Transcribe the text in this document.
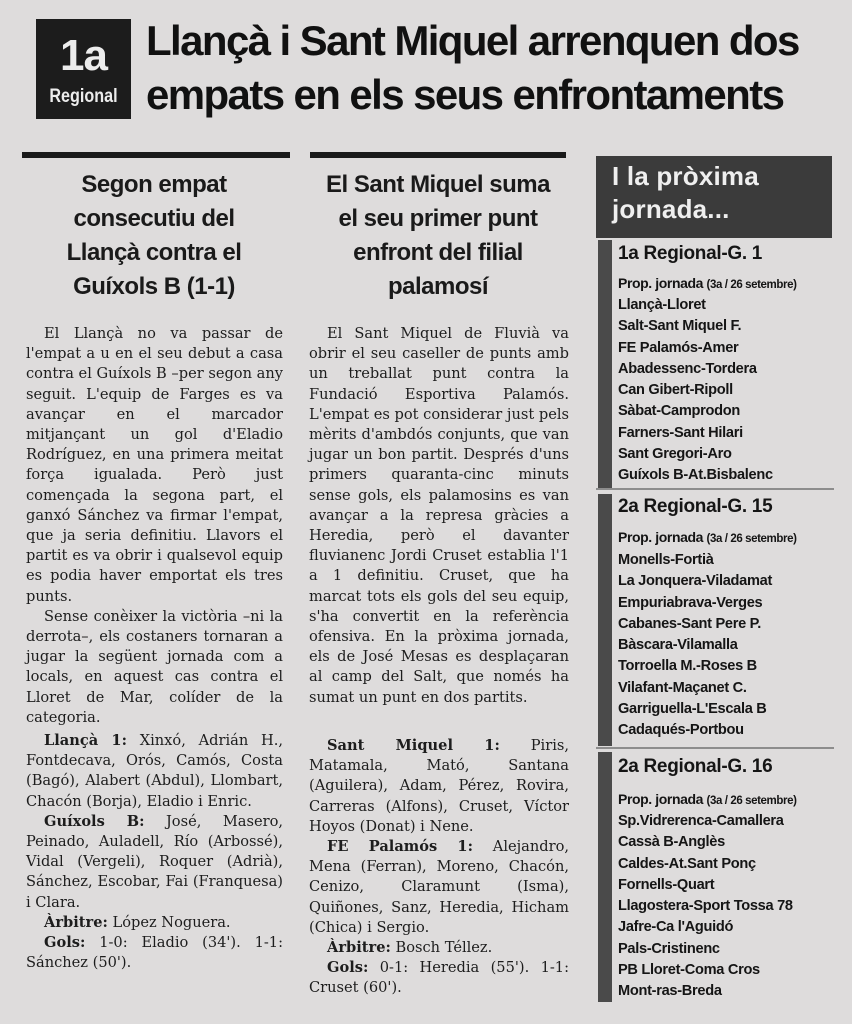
1a
Regional
Llançà i Sant Miquel arrenquen dos empats en els seus enfrontaments
Segon empat consecutiu del Llançà contra el Guíxols B (1-1)

El Llançà no va passar de l'empat a u en el seu debut a casa contra el Guíxols B –per segon any seguit. L'equip de Farges es va avançar en el marcador mitjançant un gol d'Eladio Rodríguez, en una primera meitat força igualada. Però just començada la segona part, el ganxó Sánchez va firmar l'empat, que ja seria definitiu. Llavors el partit es va obrir i qualsevol equip es podia haver emportat els tres punts.

Sense conèixer la victòria –ni la derrota–, els costaners tornaran a jugar la següent jornada com a locals, en aquest cas contra el Lloret de Mar, colíder de la categoria.

Llançà 1: Xinxó, Adrián H., Fontdecava, Orós, Camós, Costa (Bagó), Alabert (Abdul), Llombart, Chacón (Borja), Eladio i Enric.

Guíxols B: José, Masero, Peinado, Auladell, Río (Arbossé), Vidal (Vergeli), Roquer (Adrià), Sánchez, Escobar, Fai (Franquesa) i Clara.

Àrbitre: López Noguera.

Gols: 1-0: Eladio (34'). 1-1: Sánchez (50').

El Sant Miquel suma el seu primer punt enfront del filial palamosí

El Sant Miquel de Fluvià va obrir el seu caseller de punts amb un treballat punt contra la Fundació Esportiva Palamós. L'empat es pot considerar just pels mèrits d'ambdós conjunts, que van jugar un bon partit. Després d'uns primers quaranta-cinc minuts sense gols, els palamosins es van avançar a la represa gràcies a Heredia, però el davanter fluvianenc Jordi Cruset establia l'1 a 1 definitiu. Cruset, que ha marcat tots els gols del seu equip, s'ha convertit en la referència ofensiva. En la pròxima jornada, els de José Mesas es desplaçaran al camp del Salt, que només ha sumat un punt en dos partits.

Sant Miquel 1: Piris, Matamala, Mató, Santana (Aguilera), Adam, Pérez, Rovira, Carreras (Alfons), Cruset, Víctor Hoyos (Donat) i Nene.

FE Palamós 1: Alejandro, Mena (Ferran), Moreno, Chacón, Cenizo, Claramunt (Isma), Quiñones, Sanz, Heredia, Hicham (Chica) i Sergio.

Àrbitre: Bosch Téllez.

Gols: 0-1: Heredia (55'). 1-1: Cruset (60').

I la pròxima jornada...
1a Regional-G. 1
Prop. jornada (3a / 26 setembre)
Llançà-Lloret
Salt-Sant Miquel F.
FE Palamós-Amer
Abadessenc-Tordera
Can Gibert-Ripoll
Sàbat-Camprodon
Farners-Sant Hilari
Sant Gregori-Aro
Guíxols B-At.Bisbalenc
2a Regional-G. 15
Prop. jornada (3a / 26 setembre)
Monells-Fortià
La Jonquera-Viladamat
Empuriabrava-Verges
Cabanes-Sant Pere P.
Bàscara-Vilamalla
Torroella M.-Roses B
Vilafant-Maçanet C.
Garriguella-L'Escala B
Cadaqués-Portbou
2a Regional-G. 16
Prop. jornada (3a / 26 setembre)
Sp.Vidrerenca-Camallera
Cassà B-Anglès
Caldes-At.Sant Ponç
Fornells-Quart
Llagostera-Sport Tossa 78
Jafre-Ca l'Aguidó
Pals-Cristinenc
PB Lloret-Coma Cros
Mont-ras-Breda
